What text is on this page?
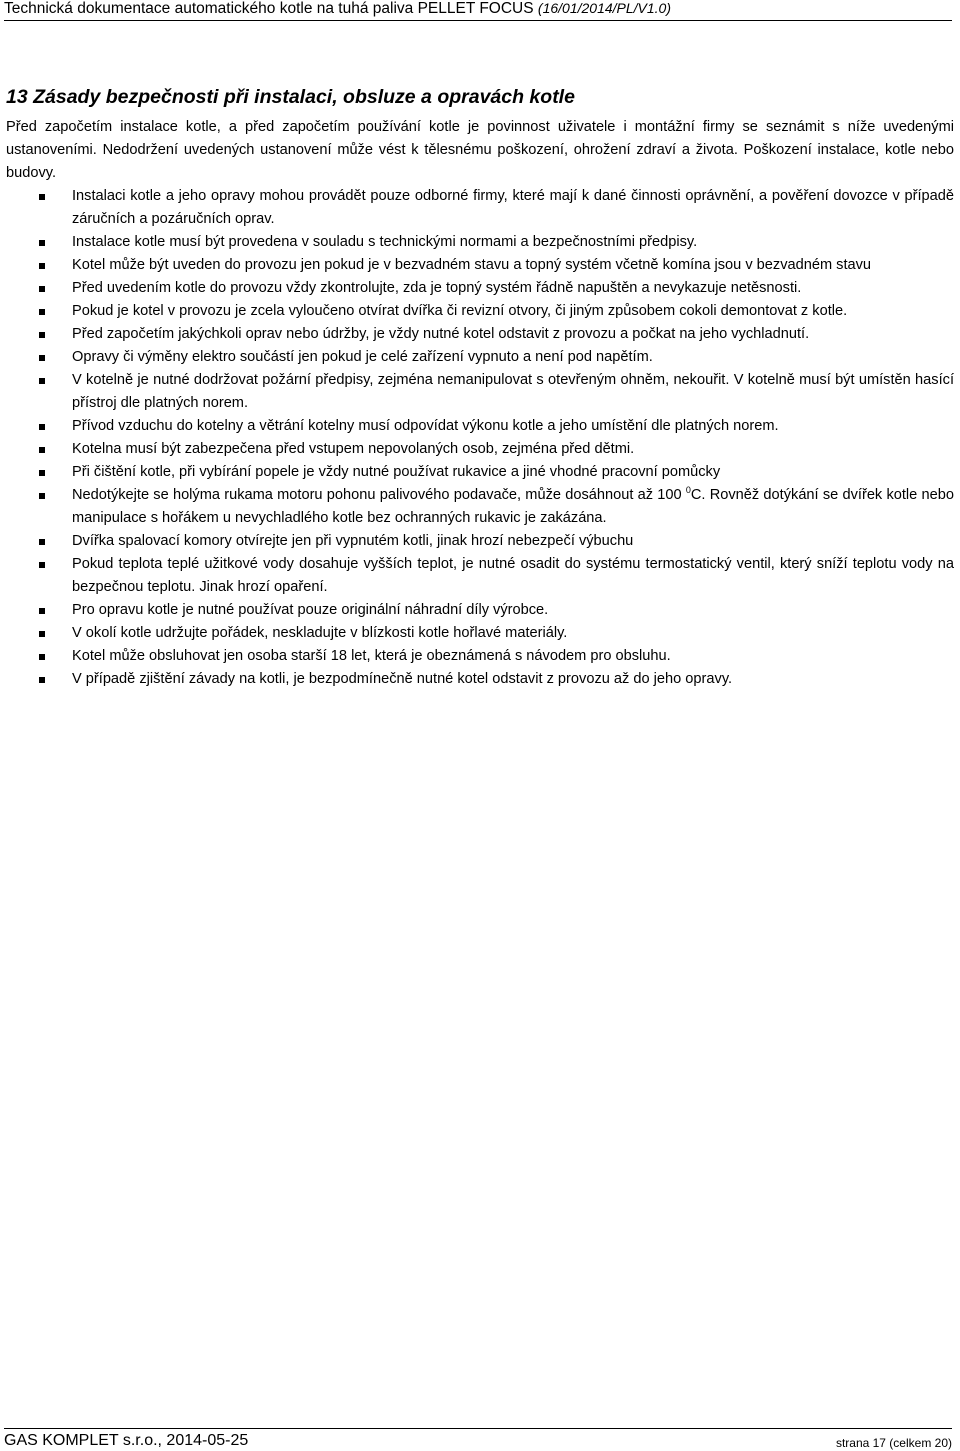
Technická dokumentace automatického kotle na tuhá paliva PELLET FOCUS (16/01/2014/PL/V1.0)
13 Zásady bezpečnosti při instalaci, obsluze a opravách kotle

Před započetím instalace kotle, a před započetím používání kotle je povinnost uživatele i montážní firmy se seznámit s níže uvedenými ustanoveními. Nedodržení uvedených ustanovení může vést k tělesnému poškození, ohrožení zdraví a života. Poškození instalace, kotle nebo budovy.

Instalaci kotle a jeho opravy mohou provádět pouze odborné firmy, které mají k dané činnosti oprávnění, a pověření dovozce v případě záručních a pozáručních oprav.
Instalace kotle musí být provedena v souladu s technickými normami a bezpečnostními předpisy.
Kotel může být uveden do provozu jen pokud je v bezvadném stavu a topný systém včetně komína jsou v bezvadném stavu
Před uvedením kotle do provozu vždy zkontrolujte, zda je topný systém řádně napuštěn a nevykazuje netěsnosti.
Pokud je kotel v provozu je zcela vyloučeno otvírat dvířka či revizní otvory, či jiným způsobem cokoli demontovat z kotle.
Před započetím jakýchkoli oprav nebo údržby, je vždy nutné kotel odstavit z provozu a počkat na jeho vychladnutí.
Opravy či výměny elektro součástí jen pokud je celé zařízení vypnuto a není pod napětím.
V kotelně je nutné dodržovat požární předpisy, zejména nemanipulovat s otevřeným ohněm, nekouřit. V kotelně musí být umístěn hasící přístroj dle platných norem.
Přívod vzduchu do kotelny a větrání kotelny musí odpovídat výkonu kotle a jeho umístění dle platných norem.
Kotelna musí být zabezpečena před vstupem nepovolaných osob, zejména před dětmi.
Při čištění kotle, při vybírání popele je vždy nutné používat rukavice a jiné vhodné pracovní pomůcky
Nedotýkejte se holýma rukama motoru pohonu palivového podavače, může dosáhnout až 100 $^0$C. Rovněž dotýkání se dvířek kotle nebo manipulace s hořákem u nevychladlého kotle bez ochranných rukavic je zakázána.
Dvířka spalovací komory otvírejte jen při vypnutém kotli, jinak hrozí nebezpečí výbuchu
Pokud teplota teplé užitkové vody dosahuje vyšších teplot, je nutné osadit do systému termostatický ventil, který sníží teplotu vody na bezpečnou teplotu. Jinak hrozí opaření.
Pro opravu kotle je nutné používat pouze originální náhradní díly výrobce.
V okolí kotle udržujte pořádek, neskladujte v blízkosti kotle hořlavé materiály.
Kotel může obsluhovat jen osoba starší 18 let, která je obeznámená s návodem pro obsluhu.
V případě zjištění závady na kotli, je bezpodmínečně nutné kotel odstavit z provozu až do jeho opravy.
GAS KOMPLET s.r.o., 2014-05-25	strana 17 (celkem 20)
